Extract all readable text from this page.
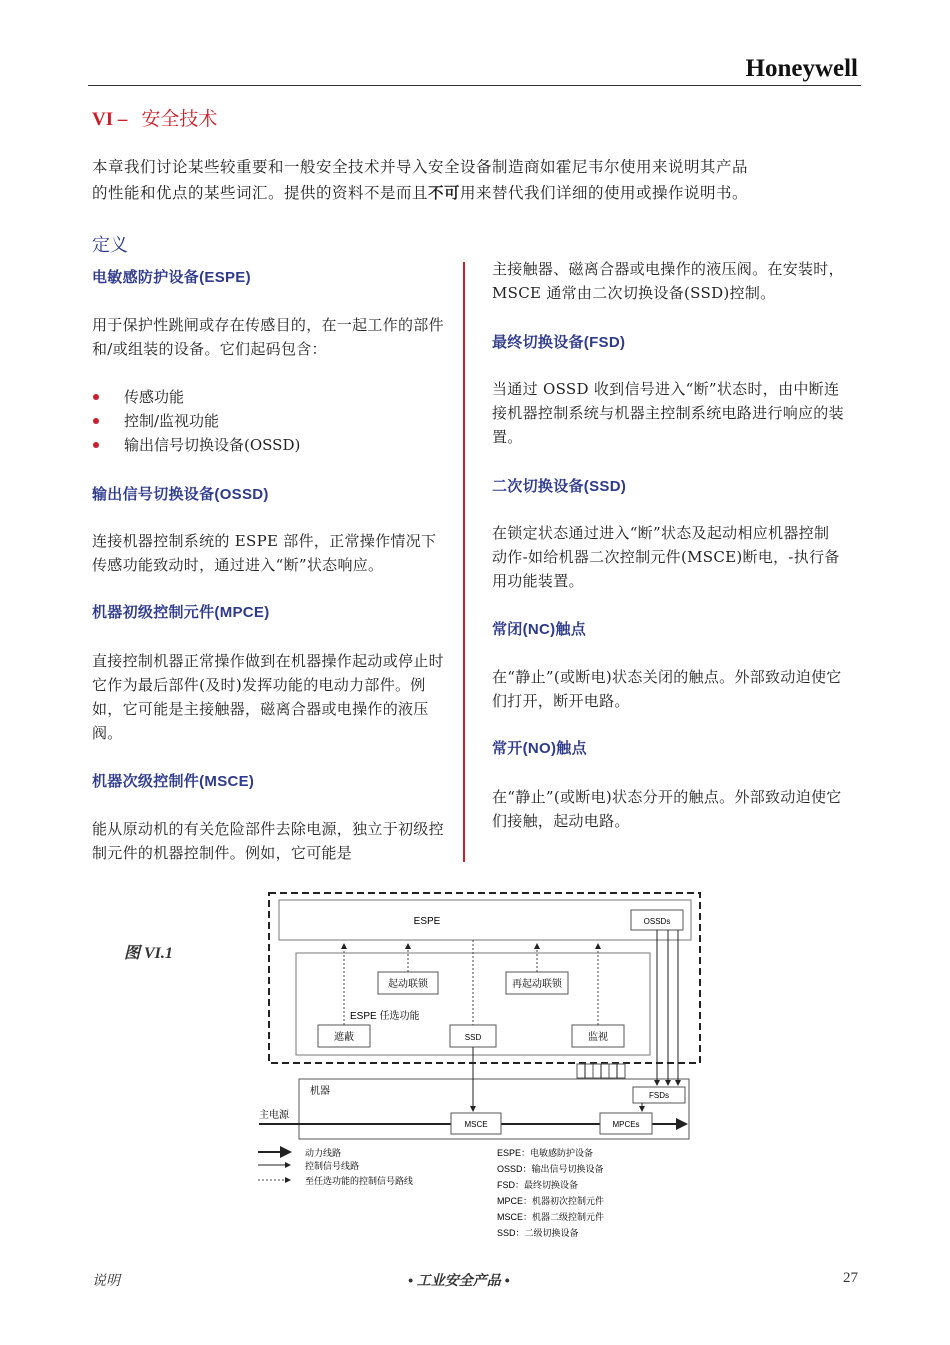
Honeywell
VI – 安全技术
本章我们讨论某些较重要和一般安全技术并导入安全设备制造商如霍尼韦尔使用来说明其产品
的性能和优点的某些词汇。提供的资料不是而且不可用来替代我们详细的使用或操作说明书。
定义
电敏感防护设备(ESPE)
用于保护性跳闸或存在传感目的，在一起工作的部件和/或组装的设备。它们起码包含：
传感功能
控制/监视功能
输出信号切换设备(OSSD)
输出信号切换设备(OSSD)
连接机器控制系统的 ESPE 部件，正常操作情况下传感功能致动时，通过进入“断”状态响应。
机器初级控制元件(MPCE)
直接控制机器正常操作做到在机器操作起动或停止时它作为最后部件(及时)发挥功能的电动力部件。例如，它可能是主接触器，磁离合器或电操作的液压阀。
机器次级控制件(MSCE)
能从原动机的有关危险部件去除电源，独立于初级控制元件的机器控制件。例如，它可能是
主接触器、磁离合器或电操作的液压阀。在安装时，MSCE 通常由二次切换设备(SSD)控制。
最终切换设备(FSD)
当通过 OSSD 收到信号进入“断”状态时，由中断连接机器控制系统与机器主控制系统电路进行响应的装置。
二次切换设备(SSD)
在锁定状态通过进入“断”状态及起动相应机器控制动作-如给机器二次控制元件(MSCE)断电，-执行备用功能装置。
常闭(NC)触点
在“静止”(或断电)状态关闭的触点。外部致动迫使它们打开，断开电路。
常开(NO)触点
在“静止”(或断电)状态分开的触点。外部致动迫使它们接触，起动电路。
图 VI.1
ESPE	OSSDs
起动联锁	再起动联锁
ESPE 任选功能
遮蔽	SSD	监视
机器
主电源
MSCE	MPCEs
FSDs
动力线路
控制信号线路
至任选功能的控制信号路线
ESPE：电敏感防护设备
OSSD：输出信号切换设备
FSD：最终切换设备
MPCE：机器初次控制元件
MSCE：机器二级控制元件
SSD：二级切换设备
说明	• 工业安全产品 •	27
